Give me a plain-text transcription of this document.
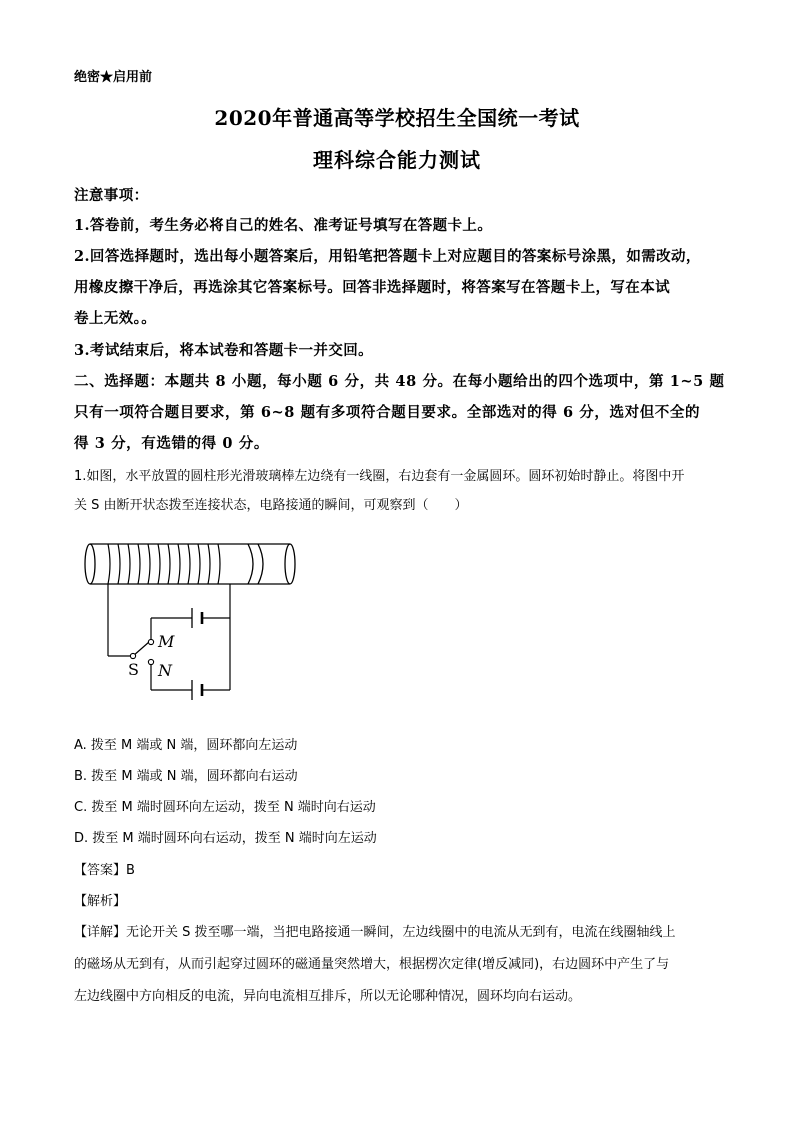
绝密★启用前
2020年普通高等学校招生全国统一考试
理科综合能力测试
注意事项：
1.答卷前，考生务必将自己的姓名、准考证号填写在答题卡上。
2.回答选择题时，选出每小题答案后，用铅笔把答题卡上对应题目的答案标号涂黑，如需改动，
用橡皮擦干净后，再选涂其它答案标号。回答非选择题时，将答案写在答题卡上，写在本试
卷上无效。。
3.考试结束后，将本试卷和答题卡一并交回。
二、选择题：本题共 8 小题，每小题 6 分，共 48 分。在每小题给出的四个选项中，第 1~5 题
只有一项符合题目要求，第 6~8 题有多项符合题目要求。全部选对的得 6 分，选对但不全的
得 3 分，有选错的得 0 分。
1.如图，水平放置的圆柱形光滑玻璃棒左边绕有一线圈，右边套有一金属圆环。圆环初始时静止。将图中开
关 S 由断开状态拨至连接状态，电路接通的瞬间，可观察到（　　）
M
N
S
A. 拨至 M 端或 N 端，圆环都向左运动
B. 拨至 M 端或 N 端，圆环都向右运动
C. 拨至 M 端时圆环向左运动，拨至 N 端时向右运动
D. 拨至 M 端时圆环向右运动，拨至 N 端时向左运动
【答案】B
【解析】
【详解】无论开关 S 拨至哪一端，当把电路接通一瞬间，左边线圈中的电流从无到有，电流在线圈轴线上
的磁场从无到有，从而引起穿过圆环的磁通量突然增大，根据楞次定律(增反减同)，右边圆环中产生了与
左边线圈中方向相反的电流，异向电流相互排斥，所以无论哪种情况，圆环均向右运动。
